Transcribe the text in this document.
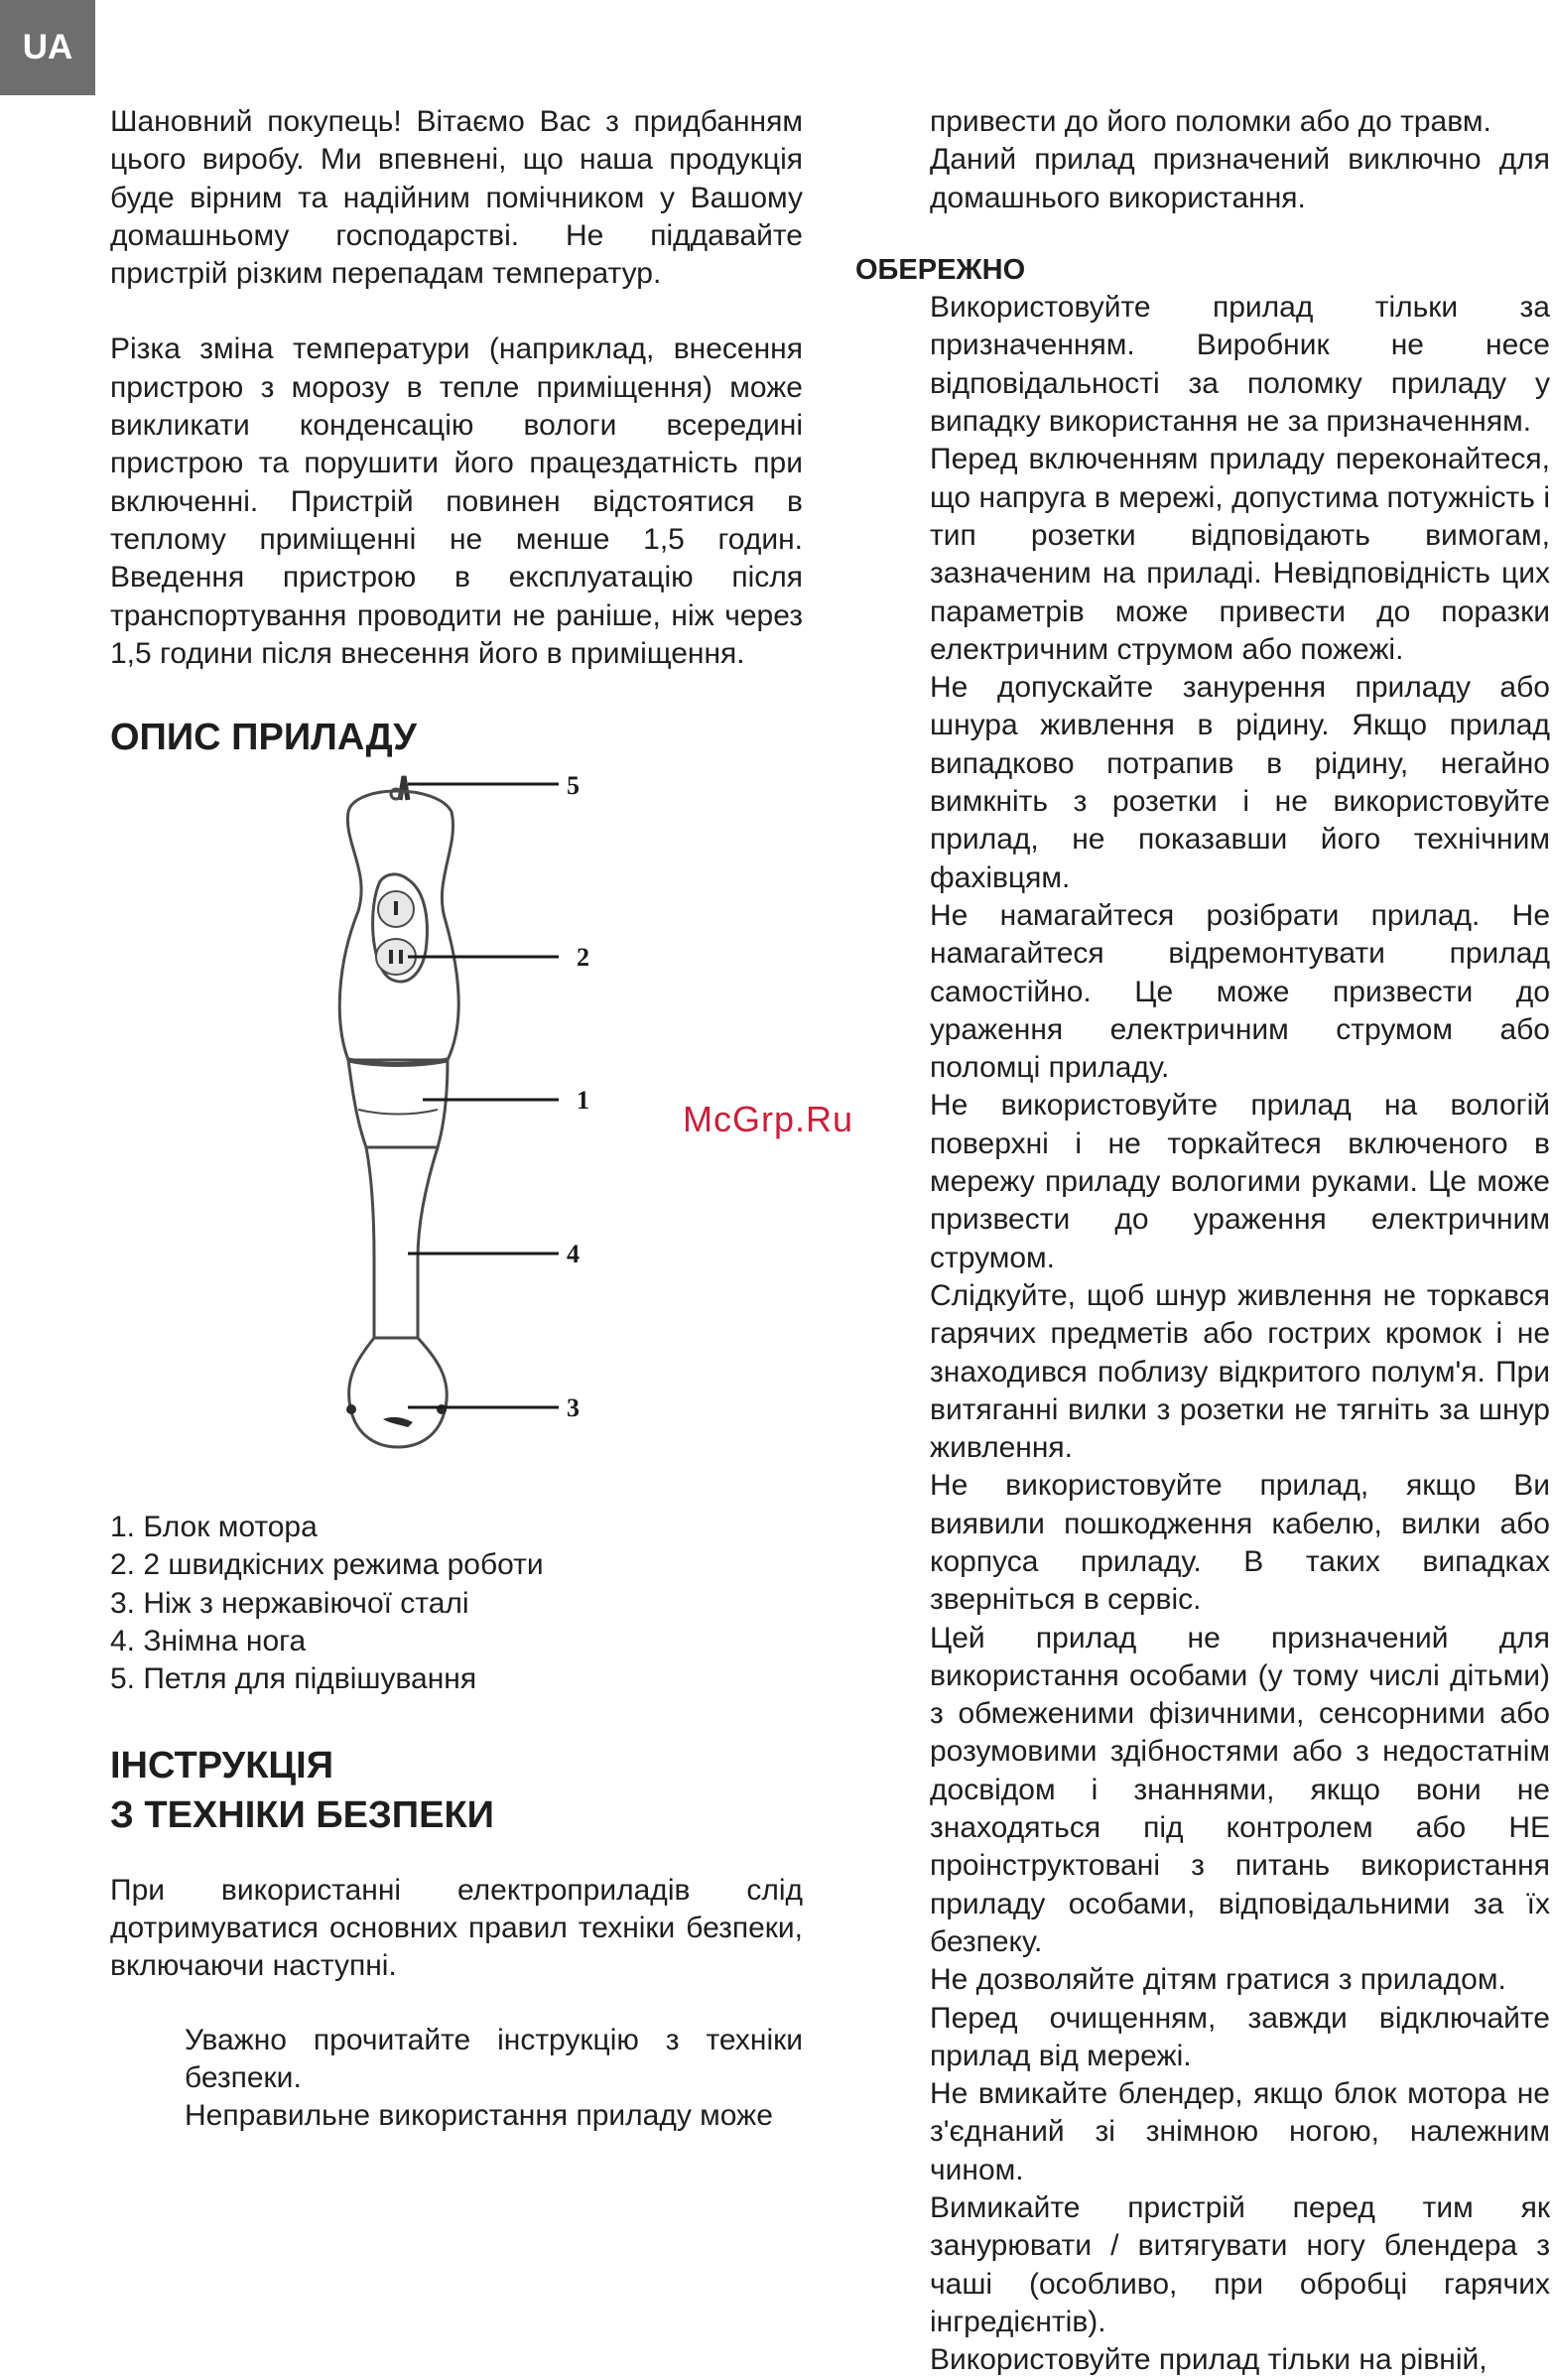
UA

Шановний покупець! Вітаємо Вас з придбанням цього виробу. Ми впевнені, що наша продукція буде вірним та надійним помічником у Вашому домашньому господарстві. Не піддавайте пристрій різким перепадам температур.

Різка зміна температури (наприклад, внесення пристрою з морозу в тепле приміщення) може викликати конденсацію вологи всередині пристрою та порушити його працездатність при включенні. Пристрій повинен відстоятися в теплому приміщенні не менше 1,5 годин. Введення пристрою в експлуатацію після транспортування проводити не раніше, ніж через 1,5 години після внесення його в приміщення.

ОПИС ПРИЛАДУ
5
2
1
4
3
1. Блок мотора
2. 2 швидкісних режима роботи
3. Ніж з нержавіючої сталі
4. Знімна нога
5. Петля для підвішування
ІНСТРУКЦІЯ
З ТЕХНІКИ БЕЗПЕКИ

При використанні електроприладів слід дотримуватися основних правил техніки безпеки, включаючи наступні.

Уважно прочитайте інструкцію з техніки безпеки.

Неправильне використання приладу може

привести до його поломки або до травм.

Даний прилад призначений виключно для домашнього використання.

ОБЕРЕЖНО

Використовуйте прилад тільки за призначенням. Виробник не несе відповідальності за поломку приладу у випадку використання не за призначенням.

Перед включенням приладу переконайтеся, що напруга в мережі, допустима потужність і тип розетки відповідають вимогам, зазначеним на приладі. Невідповідність цих параметрів може привести до поразки електричним струмом або пожежі.

Не допускайте занурення приладу або шнура живлення в рідину. Якщо прилад випадково потрапив в рідину, негайно вимкніть з розетки і не використовуйте прилад, не показавши його технічним фахівцям.

Не намагайтеся розібрати прилад. Не намагайтеся відремонтувати прилад самостійно. Це може призвести до ураження електричним струмом або поломці приладу.

Не використовуйте прилад на вологій поверхні і не торкайтеся включеного в мережу приладу вологими руками. Це може призвести до ураження електричним струмом.

Слідкуйте, щоб шнур живлення не торкався гарячих предметів або гострих кромок і не знаходився поблизу відкритого полум'я. При витяганні вилки з розетки не тягніть за шнур живлення.

Не використовуйте прилад, якщо Ви виявили пошкодження кабелю, вилки або корпуса приладу. В таких випадках зверніться в сервіс.

Цей прилад не призначений для використання особами (у тому числі дітьми) з обмеженими фізичними, сенсорними або розумовими здібностями або з недостатнім досвідом і знаннями, якщо вони не знаходяться під контролем або НЕ проінструктовані з питань використання приладу особами, відповідальними за їх безпеку.

Не дозволяйте дітям гратися з приладом.

Перед очищенням, завжди відключайте прилад від мережі.

Не вмикайте блендер, якщо блок мотора не з'єднаний зі знімною ногою, належним чином.

Вимикайте пристрій перед тим як занурювати / витягувати ногу блендера з чаші (особливо, при обробці гарячих інгредієнтів).

Використовуйте прилад тільки на рівній,

McGrp.Ru
